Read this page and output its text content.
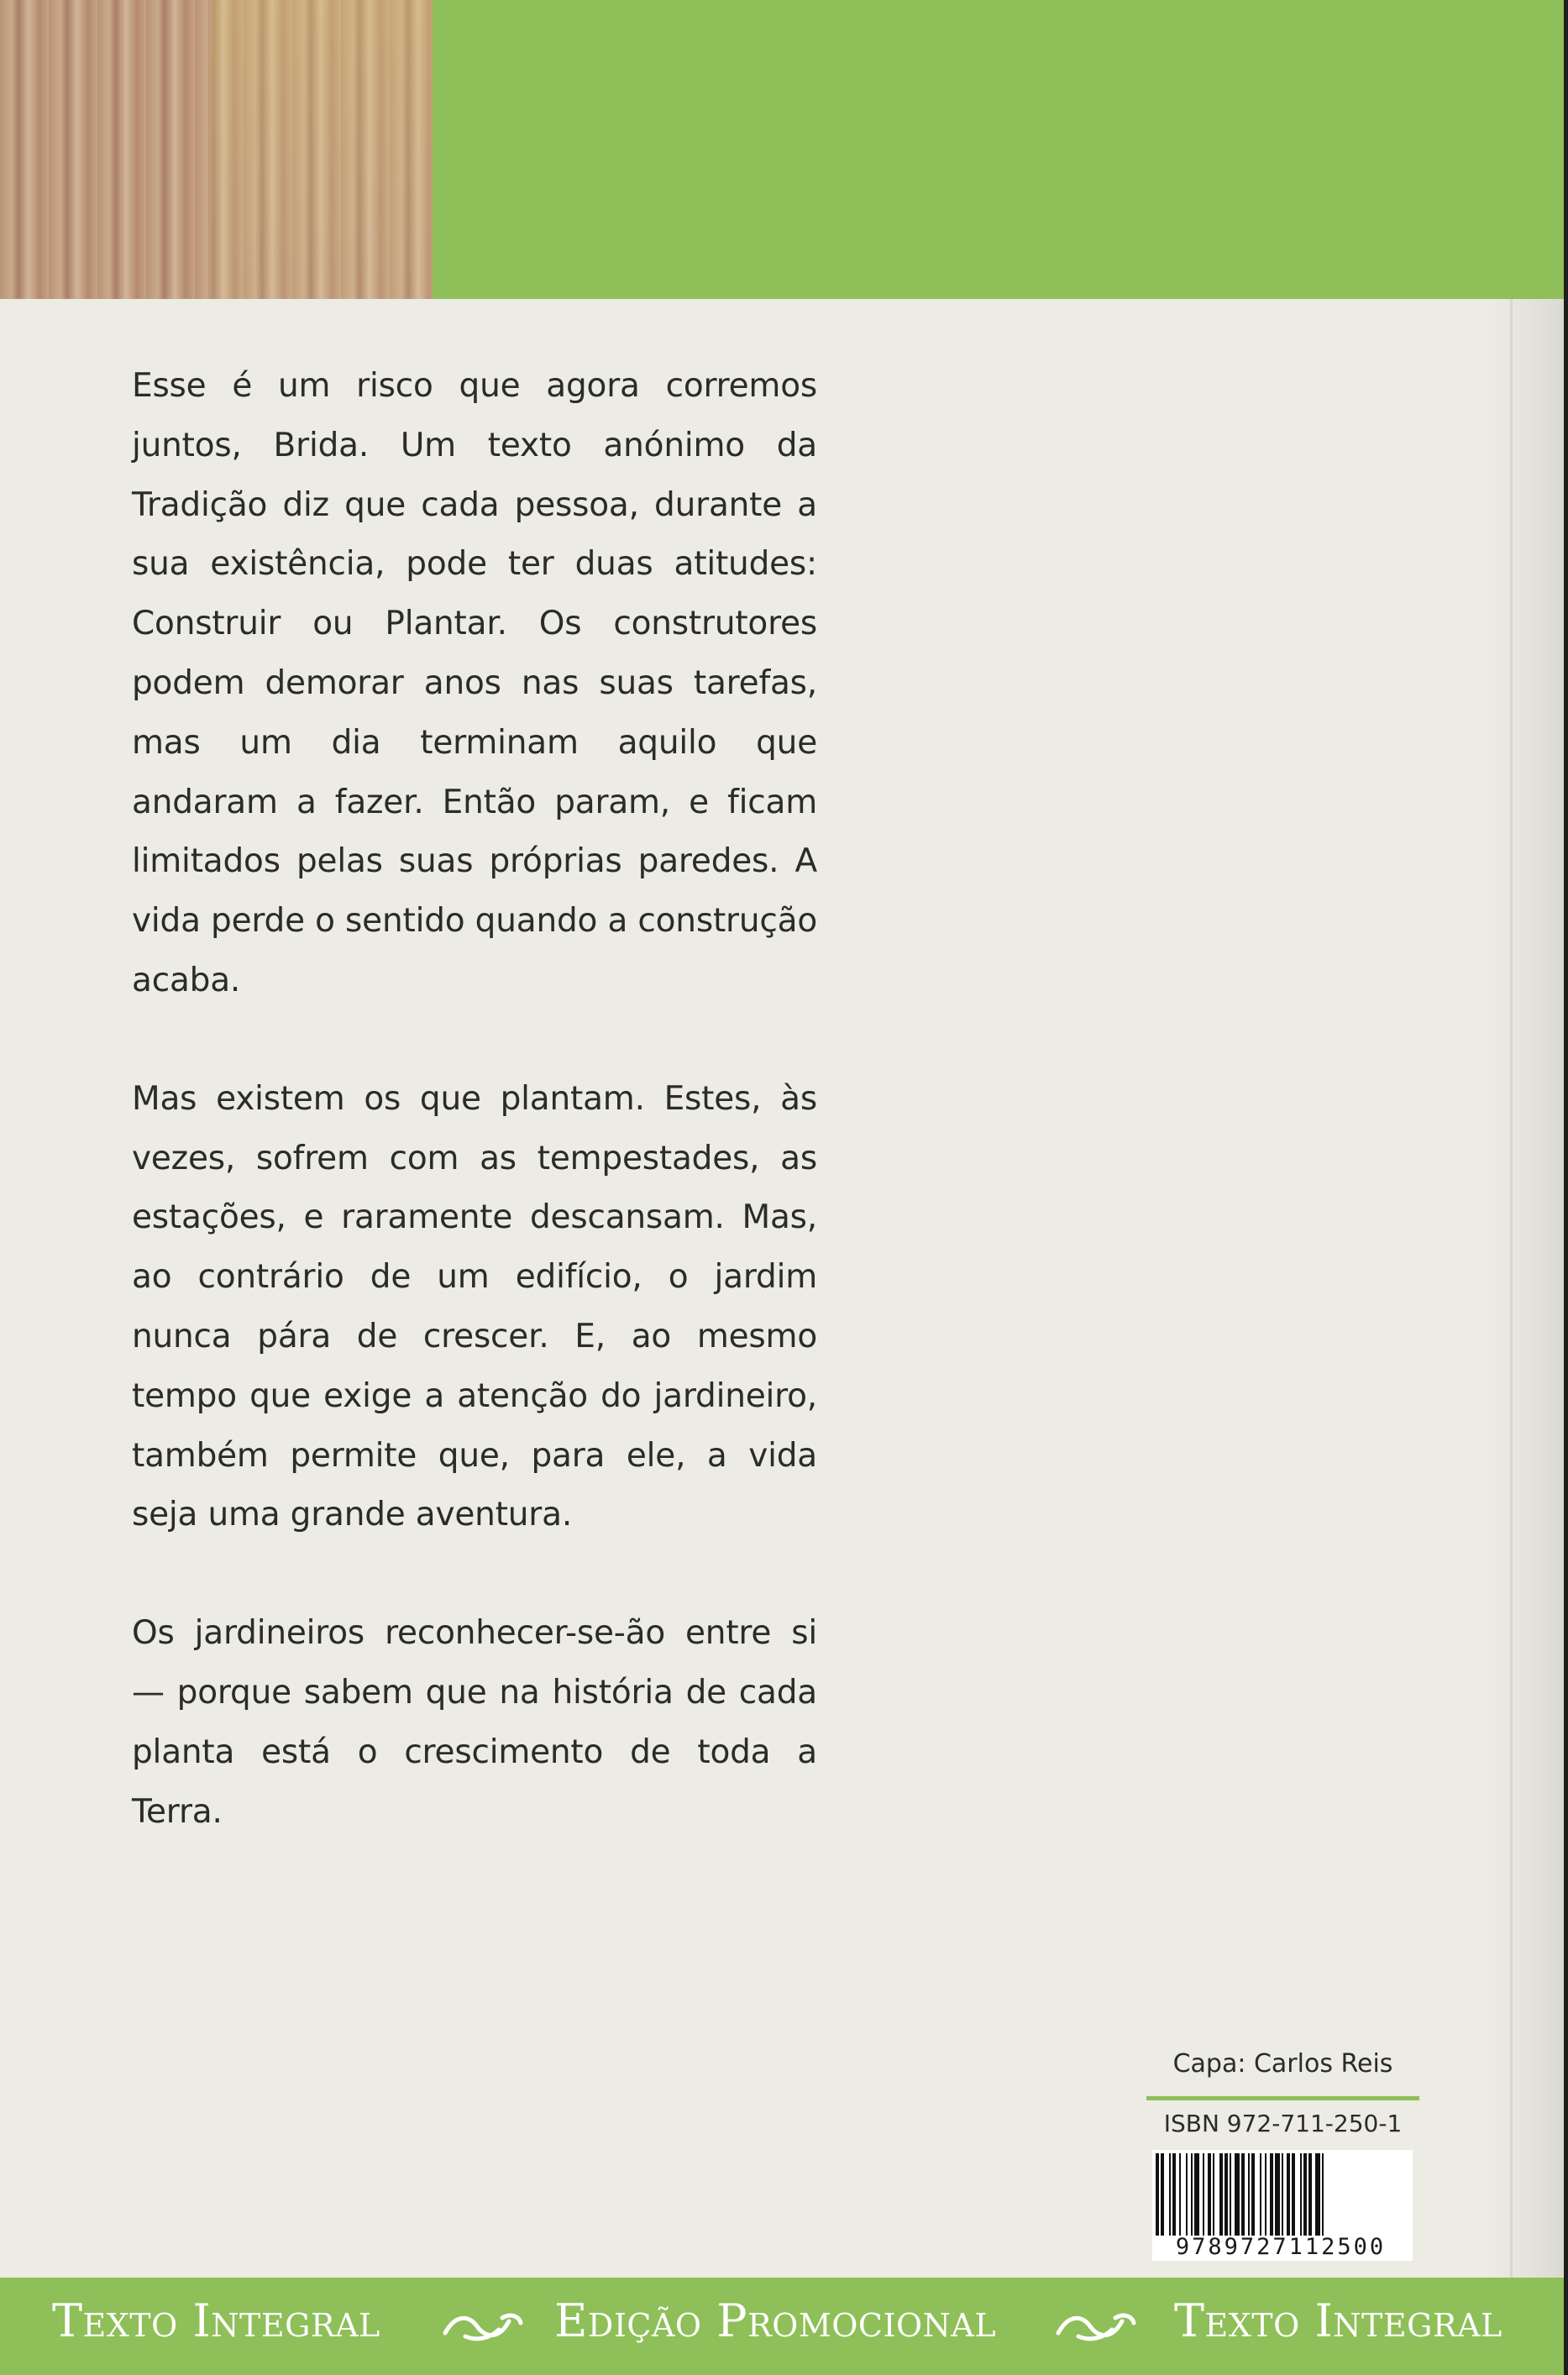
Esse é um risco que agora corremos juntos, Brida. Um texto anónimo da Tradição diz que cada pessoa, durante a sua existência, pode ter duas atitudes: Construir ou Plantar. Os construtores podem demorar anos nas suas tarefas, mas um dia terminam aquilo que andaram a fazer. Então param, e ficam limitados pelas suas próprias paredes. A vida perde o sentido quando a construção acaba.

Mas existem os que plantam. Estes, às vezes, sofrem com as tempestades, as estações, e raramente descansam. Mas, ao contrário de um edifício, o jardim nunca pára de crescer. E, ao mesmo tempo que exige a atenção do jardineiro, também permite que, para ele, a vida seja uma grande aventura.

Os jardineiros reconhecer-se-ão entre si — porque sabem que na história de cada planta está o crescimento de toda a Terra.

Capa: Carlos Reis
ISBN 972-711-250-1
9789727112500
Texto Integral	Edição Promocional	Texto Integral
